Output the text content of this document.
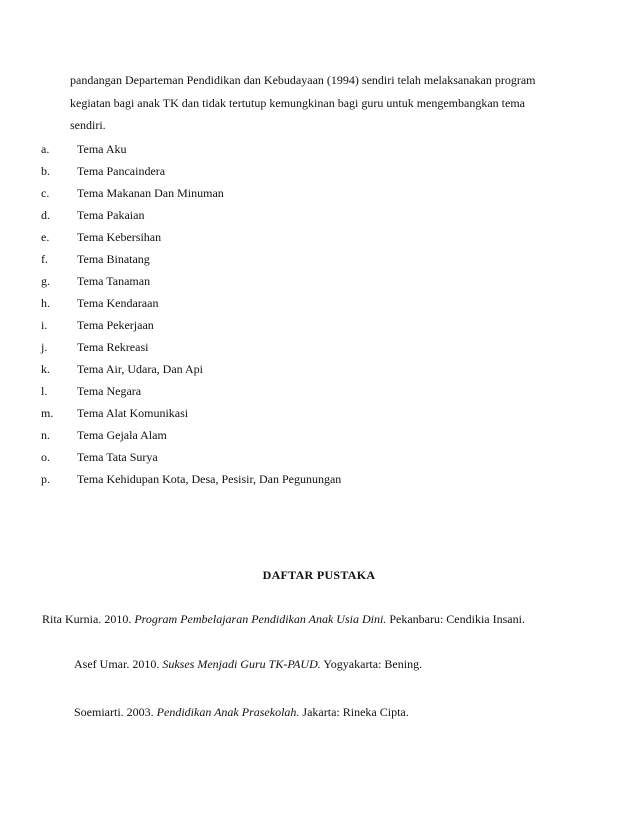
pandangan Departeman Pendidikan dan Kebudayaan (1994) sendiri telah melaksanakan program

kegiatan bagi anak TK dan tidak tertutup kemungkinan bagi guru untuk mengembangkan tema

sendiri.

a. Tema Aku
b. Tema Pancaindera
c. Tema Makanan Dan Minuman
d. Tema Pakaian
e. Tema Kebersihan
f. Tema Binatang
g. Tema Tanaman
h. Tema Kendaraan
i. Tema Pekerjaan
j. Tema Rekreasi
k. Tema Air, Udara, Dan Api
l. Tema Negara
m. Tema Alat Komunikasi
n. Tema Gejala Alam
o. Tema Tata Surya
p. Tema Kehidupan Kota, Desa, Pesisir, Dan Pegunungan
DAFTAR PUSTAKA
Rita Kurnia. 2010. Program Pembelajaran Pendidikan Anak Usia Dini. Pekanbaru: Cendikia Insani.
Asef Umar. 2010. Sukses Menjadi Guru TK-PAUD. Yogyakarta: Bening.
Soemiarti. 2003. Pendidikan Anak Prasekolah. Jakarta: Rineka Cipta.
